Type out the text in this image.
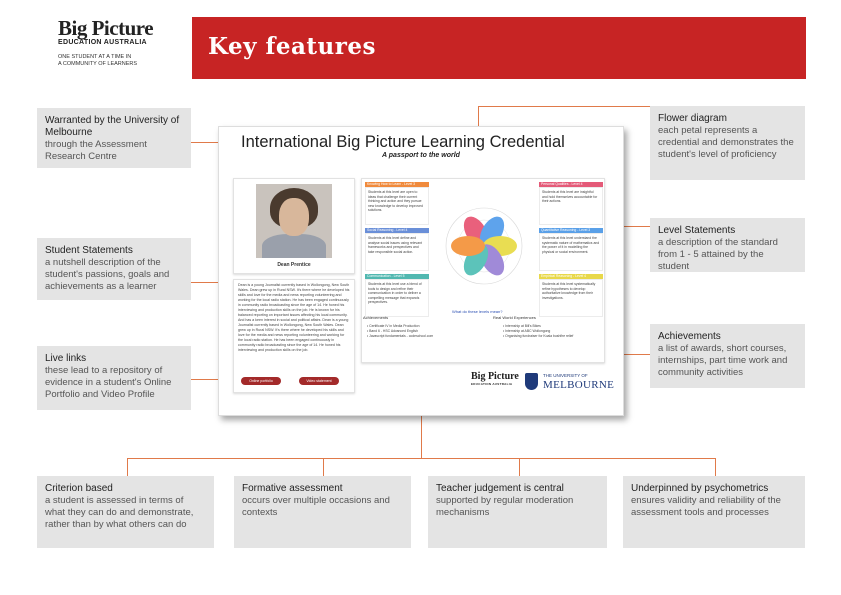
Big Picture
EDUCATION AUSTRALIA
ONE STUDENT AT A TIME IN
A COMMUNITY OF LEARNERS
Key features
Warranted by the University of Melbourne
through the Assessment Research Centre
Student Statements
a nutshell description of the student's passions, goals and achievements as a learner
Live links
these lead to a repository of evidence in a student's Online Portfolio and Video Profile
Flower diagram
each petal represents a credential and demonstrates the student's level of proficiency
Level Statements
a description of the standard from 1 - 5 attained by the student
Achievements
a list of awards, short courses, internships, part time work and community activities
Criterion based
a student is assessed in terms of what they can do and demonstrate, rather than by what others can do
Formative assessment
occurs over multiple occasions and contexts
Teacher judgement is central
supported by regular moderation mechanisms
Underpinned by psychometrics
ensures validity and reliability of the assessment tools and processes
International Big Picture Learning Credential
A passport to the world
Dean Prentice

Dean is a young Journalist currently based in Wollongong, New South Wales. Dean grew up in Rural NSW. It's there where he developed his skills and love for the media and news reporting volunteering and working for the local radio station. He has been engaged continuously in community radio broadcasting since the age of 14. He honed his interviewing and production skills on the job. He is known for his balanced reporting on important issues affecting his local community. And has a keen interest in social and political affairs. Dean is a young Journalist currently based in Wollongong, New South Wales. Dean grew up in Rural NSW. It's there where he developed his skills and love for the media and news reporting volunteering and working for the local radio station. He has been engaged continuously in community radio broadcasting since the age of 14. He honed his interviewing and production skills on the job.

Online portfolio	Video statement
Knowing How to Learn - Level 3
Students at this level are open to ideas that challenge their current thinking and action and they pursue new knowledge to develop improved solutions.
Social Reasoning - Level 4
Students at this level define and analyse social issues using relevant frameworks and perspectives and take responsible social action.
Communication - Level 5
Students at this level use a blend of tools to design and refine their communication in order to deliver a compelling message that expands perspectives.
Personal Qualities - Level 4
Students at this level are insightful and hold themselves accountable for their actions.
Quantitative Reasoning - Level 3
Students at this level understand the systematic nature of mathematics and the power of it in modelling the physical or social environment.
Empirical Reasoning - Level 4
Students at this level systematically refine hypotheses to develop authoritative knowledge from their investigations.
What do these levels mean?
Achievements
• Certificate IV in Media Production
• Band 6 - HSC Advanced English
• Javascript fundamentals - codeschool.com
Real World Experiences
• Internship at Bill's Bikes
• Internship at ABC Wollongong
• Organising fundraiser for Koala bushfire relief
Big Picture
EDUCATION AUSTRALIA
THE UNIVERSITY OF
MELBOURNE
